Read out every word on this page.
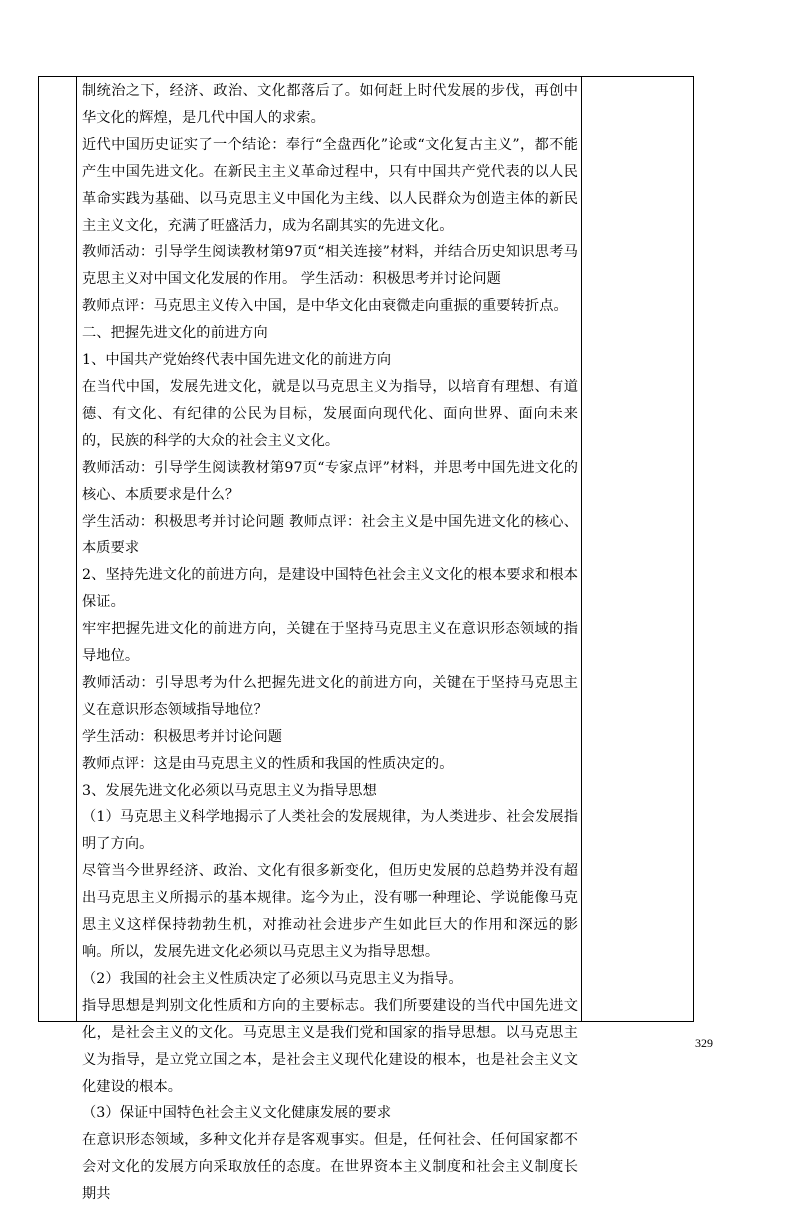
制统治之下，经济、政治、文化都落后了。如何赶上时代发展的步伐，再创中华文化的辉煌，是几代中国人的求索。

近代中国历史证实了一个结论：奉行“全盘西化”论或“文化复古主义”，都不能产生中国先进文化。在新民主主义革命过程中，只有中国共产党代表的以人民革命实践为基础、以马克思主义中国化为主线、以人民群众为创造主体的新民主主义文化，充满了旺盛活力，成为名副其实的先进文化。

教师活动：引导学生阅读教材第97页“相关连接”材料，并结合历史知识思考马克思主义对中国文化发展的作用。 学生活动：积极思考并讨论问题

教师点评：马克思主义传入中国，是中华文化由衰微走向重振的重要转折点。

二、把握先进文化的前进方向

1、中国共产党始终代表中国先进文化的前进方向

在当代中国，发展先进文化，就是以马克思主义为指导，以培育有理想、有道德、有文化、有纪律的公民为目标，发展面向现代化、面向世界、面向未来的，民族的科学的大众的社会主义文化。

教师活动：引导学生阅读教材第97页“专家点评”材料，并思考中国先进文化的核心、本质要求是什么？

学生活动：积极思考并讨论问题 教师点评：社会主义是中国先进文化的核心、本质要求

2、坚持先进文化的前进方向，是建设中国特色社会主义文化的根本要求和根本保证。

牢牢把握先进文化的前进方向，关键在于坚持马克思主义在意识形态领域的指导地位。

教师活动：引导思考为什么把握先进文化的前进方向，关键在于坚持马克思主义在意识形态领域指导地位？

学生活动：积极思考并讨论问题

教师点评：这是由马克思主义的性质和我国的性质决定的。

3、发展先进文化必须以马克思主义为指导思想

（1）马克思主义科学地揭示了人类社会的发展规律，为人类进步、社会发展指明了方向。

尽管当今世界经济、政治、文化有很多新变化，但历史发展的总趋势并没有超出马克思主义所揭示的基本规律。迄今为止，没有哪一种理论、学说能像马克思主义这样保持勃勃生机，对推动社会进步产生如此巨大的作用和深远的影响。所以，发展先进文化必须以马克思主义为指导思想。

（2）我国的社会主义性质决定了必须以马克思主义为指导。

指导思想是判别文化性质和方向的主要标志。我们所要建设的当代中国先进文化，是社会主义的文化。马克思主义是我们党和国家的指导思想。以马克思主义为指导，是立党立国之本，是社会主义现代化建设的根本，也是社会主义文化建设的根本。

（3）保证中国特色社会主义文化健康发展的要求

在意识形态领域，多种文化并存是客观事实。但是，任何社会、任何国家都不会对文化的发展方向采取放任的态度。在世界资本主义制度和社会主义制度长期共

329
